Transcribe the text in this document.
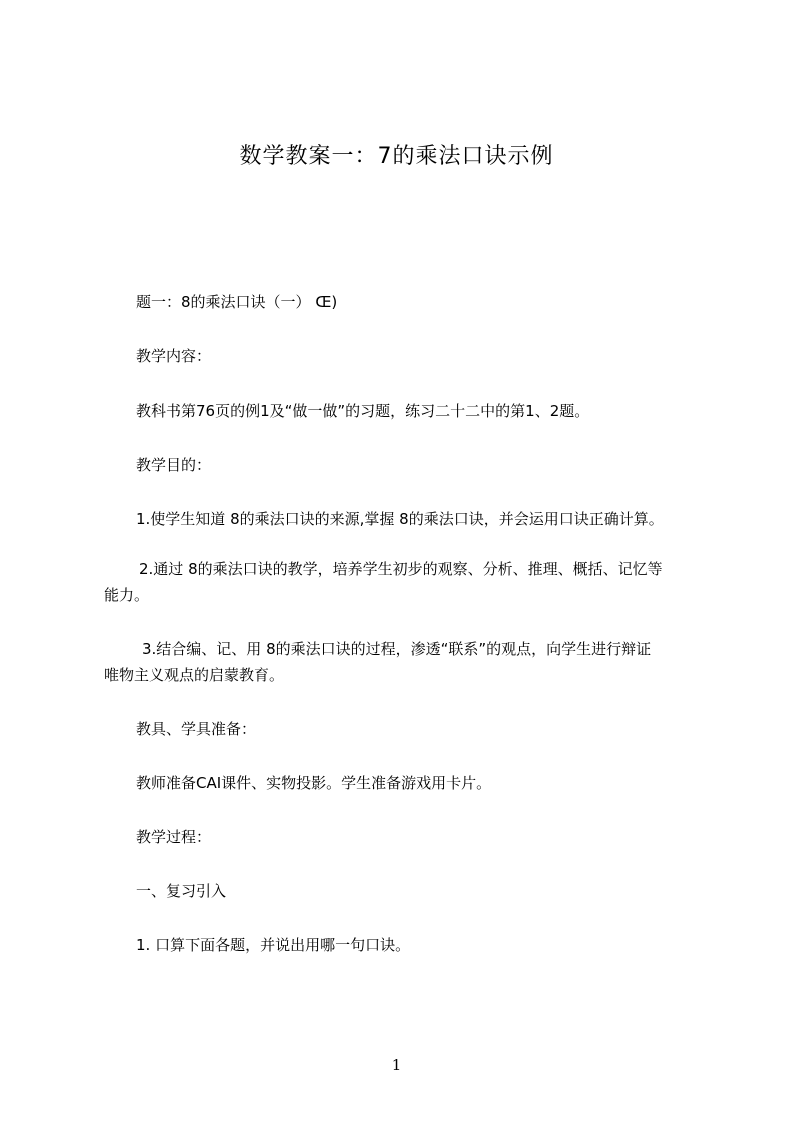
数学教案一：7的乘法口诀示例
题一：8的乘法口诀（一） Œ)
教学内容：
教科书第76页的例1及“做一做”的习题，练习二十二中的第1、2题。
教学目的：
1.使学生知道 8的乘法口诀的来源,掌握 8的乘法口诀，并会运用口诀正确计算。
2.通过 8的乘法口诀的教学，培养学生初步的观察、分析、推理、概括、记忆等
能力。
3.结合编、记、用 8的乘法口诀的过程，渗透“联系”的观点，向学生进行辩证
唯物主义观点的启蒙教育。
教具、学具准备：
教师准备CAI课件、实物投影。学生准备游戏用卡片。
教学过程：
一、复习引入
1. 口算下面各题，并说出用哪一句口诀。
1
